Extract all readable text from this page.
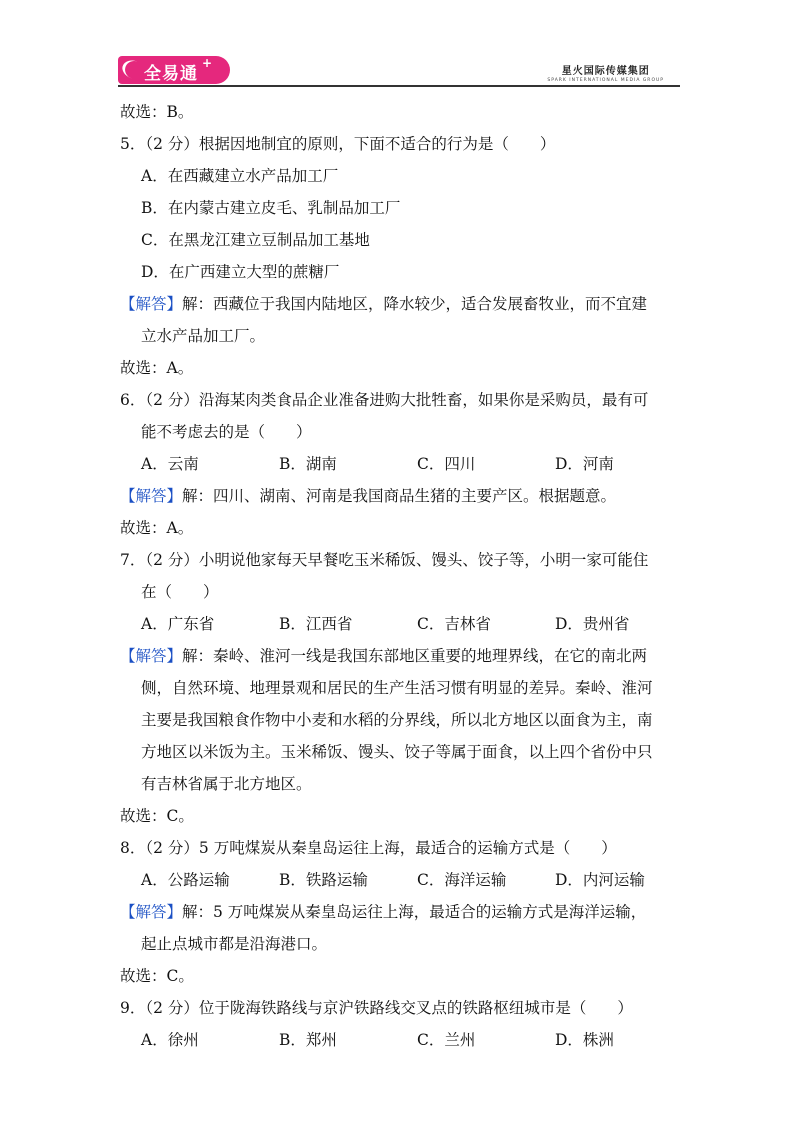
全易通
+
星火国际传媒集团
SPARK INTERNATIONAL MEDIA GROUP
故选：B。
5．（2 分）根据因地制宜的原则，下面不适合的行为是（　　）
A．在西藏建立水产品加工厂
B．在内蒙古建立皮毛、乳制品加工厂
C．在黑龙江建立豆制品加工基地
D．在广西建立大型的蔗糖厂
【解答】解：西藏位于我国内陆地区，降水较少，适合发展畜牧业，而不宜建
立水产品加工厂。
故选：A。
6．（2 分）沿海某肉类食品企业准备进购大批牲畜，如果你是采购员，最有可
能不考虑去的是（　　）
A．云南	B．湖南	C．四川	D．河南
【解答】解：四川、湖南、河南是我国商品生猪的主要产区。根据题意。
故选：A。
7．（2 分）小明说他家每天早餐吃玉米稀饭、馒头、饺子等，小明一家可能住
在（　　）
A．广东省	B．江西省	C．吉林省	D．贵州省
【解答】解：秦岭、淮河一线是我国东部地区重要的地理界线，在它的南北两
侧，自然环境、地理景观和居民的生产生活习惯有明显的差异。秦岭、淮河
主要是我国粮食作物中小麦和水稻的分界线，所以北方地区以面食为主，南
方地区以米饭为主。玉米稀饭、馒头、饺子等属于面食，以上四个省份中只
有吉林省属于北方地区。
故选：C。
8．（2 分）5 万吨煤炭从秦皇岛运往上海，最适合的运输方式是（　　）
A．公路运输	B．铁路运输	C．海洋运输	D．内河运输
【解答】解：5 万吨煤炭从秦皇岛运往上海，最适合的运输方式是海洋运输，
起止点城市都是沿海港口。
故选：C。
9．（2 分）位于陇海铁路线与京沪铁路线交叉点的铁路枢纽城市是（　　）
A．徐州	B．郑州	C．兰州	D．株洲
